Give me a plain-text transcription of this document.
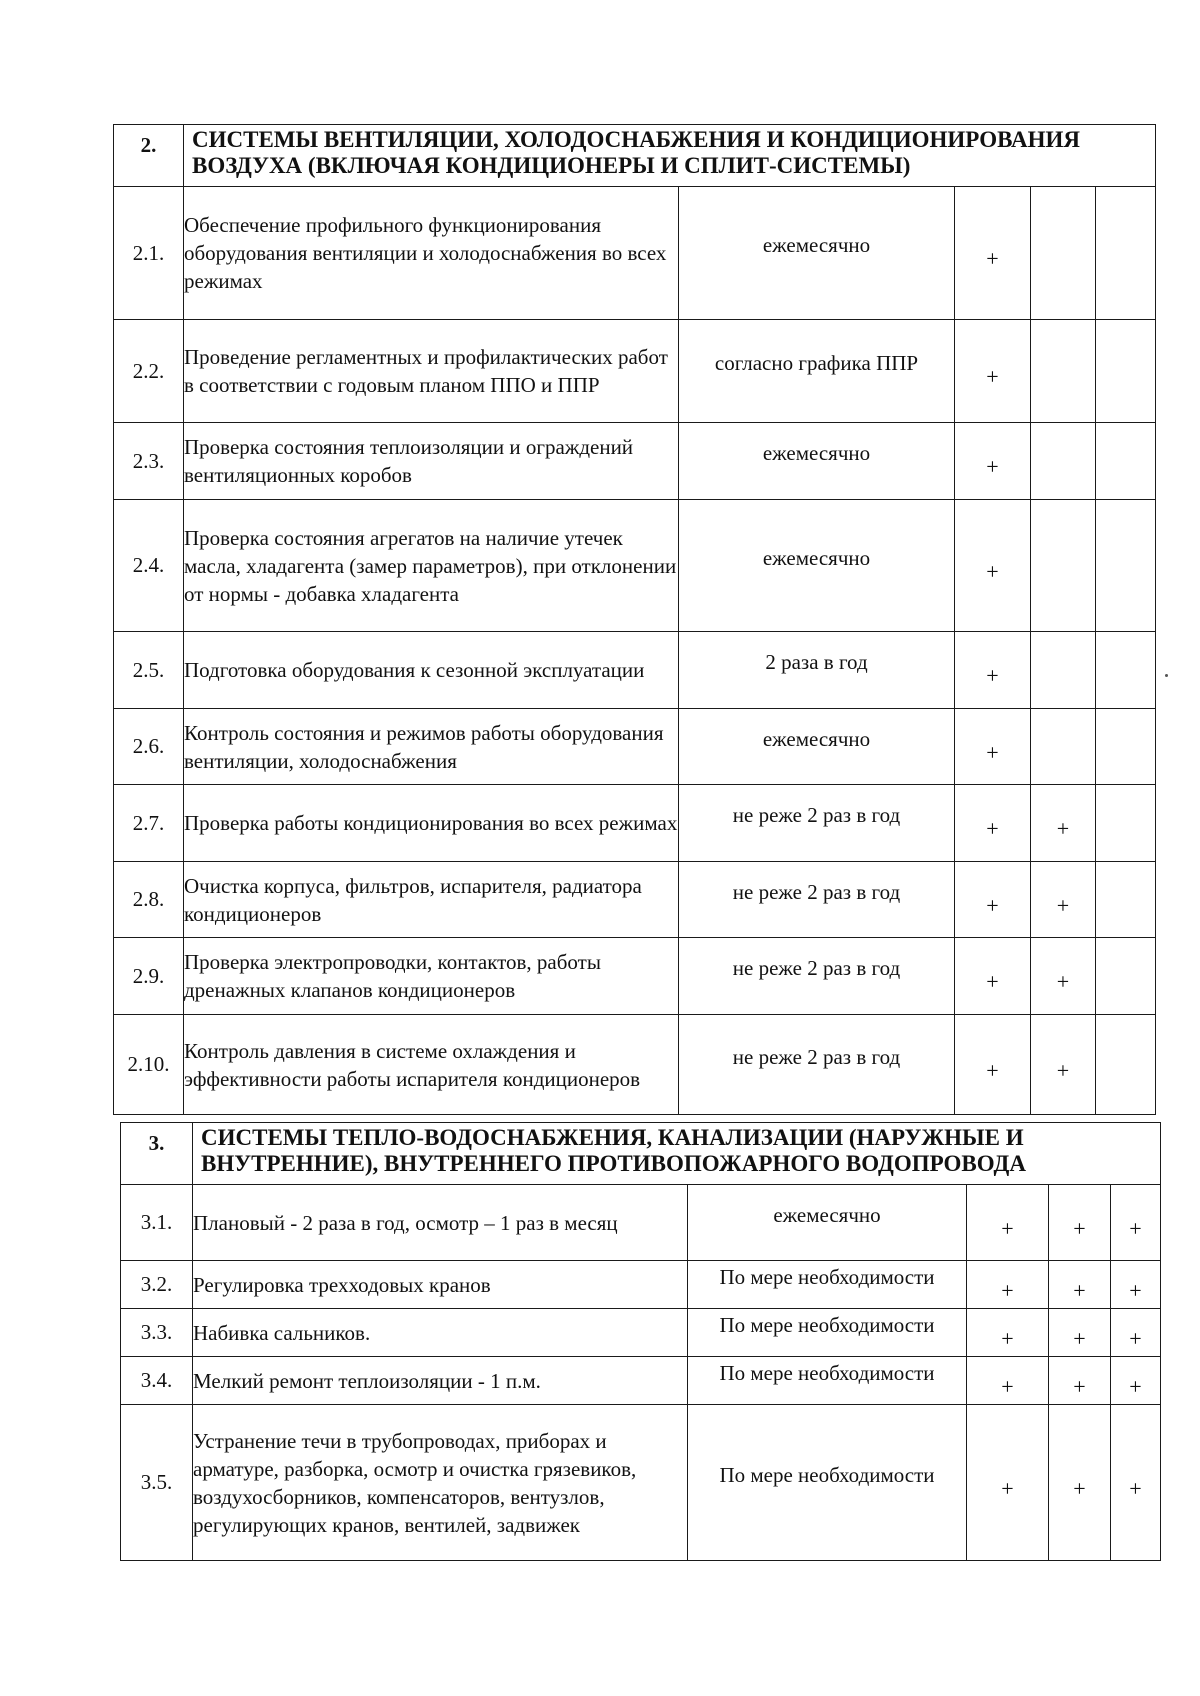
2.	СИСТЕМЫ ВЕНТИЛЯЦИИ, ХОЛОДОСНАБЖЕНИЯ И КОНДИЦИОНИРОВАНИЯ ВОЗДУХА (ВКЛЮЧАЯ КОНДИЦИОНЕРЫ И СПЛИТ-СИСТЕМЫ)				
2.1.	Обеспечение профильного функционирования оборудования вентиляции и холодоснабжения во всех режимах	ежемесячно	+		
2.2.	Проведение регламентных и профилактических работ в соответствии с годовым планом ППО и ППР	согласно графика ППР	+		
2.3.	Проверка состояния теплоизоляции и ограждений вентиляционных коробов	ежемесячно	+		
2.4.	Проверка состояния агрегатов на наличие утечек масла, хладагента (замер параметров), при отклонении от нормы - добавка хладагента	ежемесячно	+		
2.5.	Подготовка оборудования к сезонной эксплуатации	2 раза в год	+		
2.6.	Контроль состояния и режимов работы оборудования вентиляции, холодоснабжения	ежемесячно	+		
2.7.	Проверка работы кондиционирования во всех режимах	не реже 2 раз в год	+	+	
2.8.	Очистка корпуса, фильтров, испарителя, радиатора кондиционеров	не реже 2 раз в год	+	+	
2.9.	Проверка электропроводки, контактов, работы дренажных клапанов кондиционеров	не реже 2 раз в год	+	+	
2.10.	Контроль давления в системе охлаждения и эффективности работы испарителя кондиционеров	не реже 2 раз в год	+	+	
3.	СИСТЕМЫ ТЕПЛО-ВОДОСНАБЖЕНИЯ, КАНАЛИЗАЦИИ (НАРУЖНЫЕ И ВНУТРЕННИЕ), ВНУТРЕННЕГО ПРОТИВОПОЖАРНОГО ВОДОПРОВОДА				
3.1.	Плановый - 2 раза в год, осмотр – 1 раз в месяц	ежемесячно	+	+	+
3.2.	Регулировка трехходовых кранов	По мере необходимости	+	+	+
3.3.	Набивка сальников.	По мере необходимости	+	+	+
3.4.	Мелкий ремонт теплоизоляции - 1 п.м.	По мере необходимости	+	+	+
3.5.	Устранение течи в трубопроводах, приборах и арматуре, разборка, осмотр и очистка грязевиков, воздухосборников, компенсаторов, вентузлов, регулирующих кранов, вентилей, задвижек	По мере необходимости	+	+	+
